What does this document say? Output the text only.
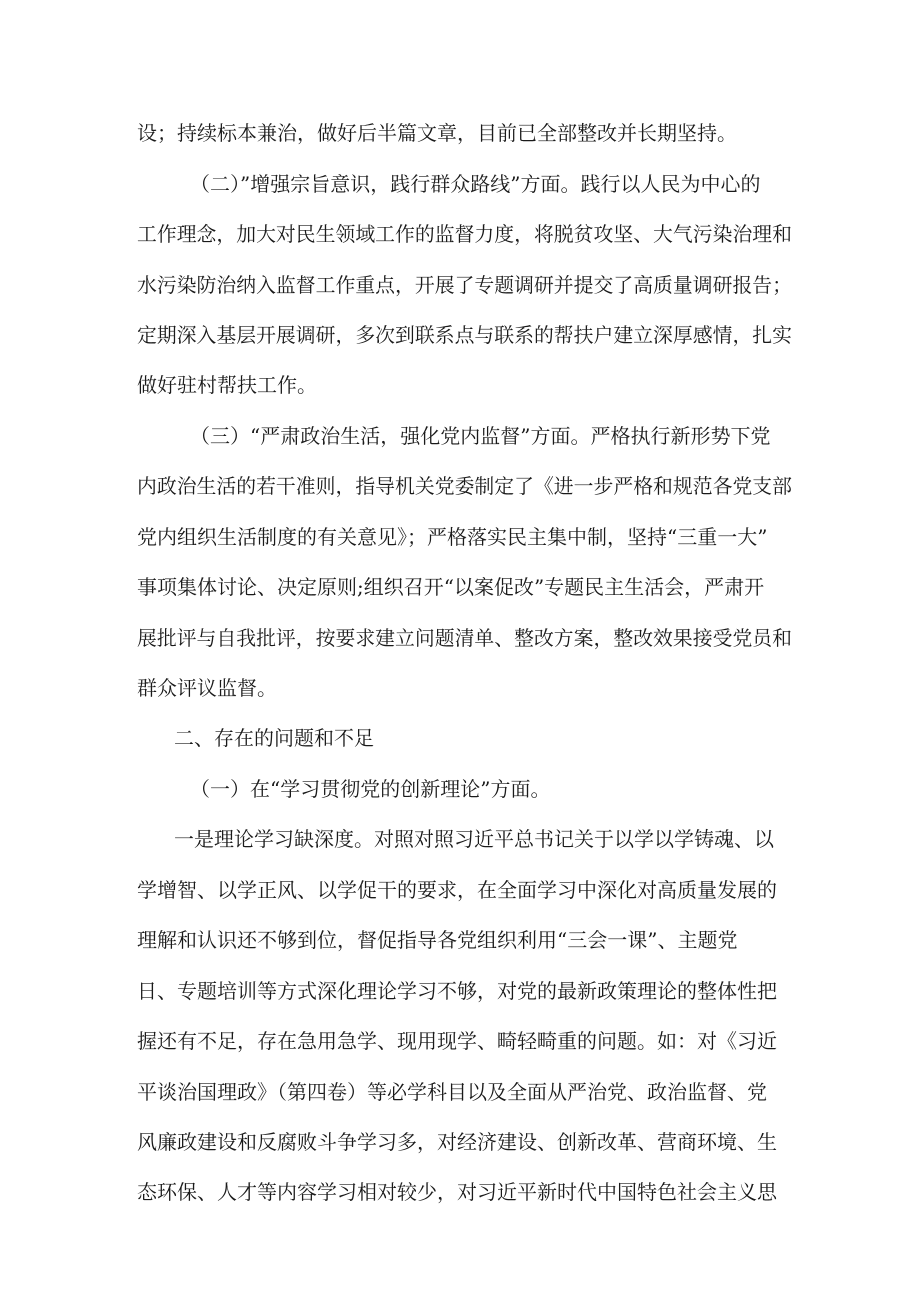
设；持续标本兼治，做好后半篇文章，目前已全部整改并长期坚持。
（二）”增强宗旨意识，践行群众路线”方面。践行以人民为中心的
工作理念，加大对民生领域工作的监督力度，将脱贫攻坚、大气污染治理和
水污染防治纳入监督工作重点，开展了专题调研并提交了高质量调研报告；
定期深入基层开展调研，多次到联系点与联系的帮扶户建立深厚感情，扎实
做好驻村帮扶工作。
（三）“严肃政治生活，强化党内监督”方面。严格执行新形势下党
内政治生活的若干准则，指导机关党委制定了《进一步严格和规范各党支部
党内组织生活制度的有关意见》；严格落实民主集中制，坚持“三重一大”
事项集体讨论、决定原则;组织召开“以案促改”专题民主生活会，严肃开
展批评与自我批评，按要求建立问题清单、整改方案，整改效果接受党员和
群众评议监督。
二、存在的问题和不足
（一）在“学习贯彻党的创新理论”方面。
一是理论学习缺深度。对照对照习近平总书记关于以学以学铸魂、以
学增智、以学正风、以学促干的要求，在全面学习中深化对高质量发展的
理解和认识还不够到位，督促指导各党组织利用“三会一课”、主题党
日、专题培训等方式深化理论学习不够，对党的最新政策理论的整体性把
握还有不足，存在急用急学、现用现学、畸轻畸重的问题。如：对《习近
平谈治国理政》（第四卷）等必学科目以及全面从严治党、政治监督、党
风廉政建设和反腐败斗争学习多，对经济建设、创新改革、营商环境、生
态环保、人才等内容学习相对较少，对习近平新时代中国特色社会主义思
